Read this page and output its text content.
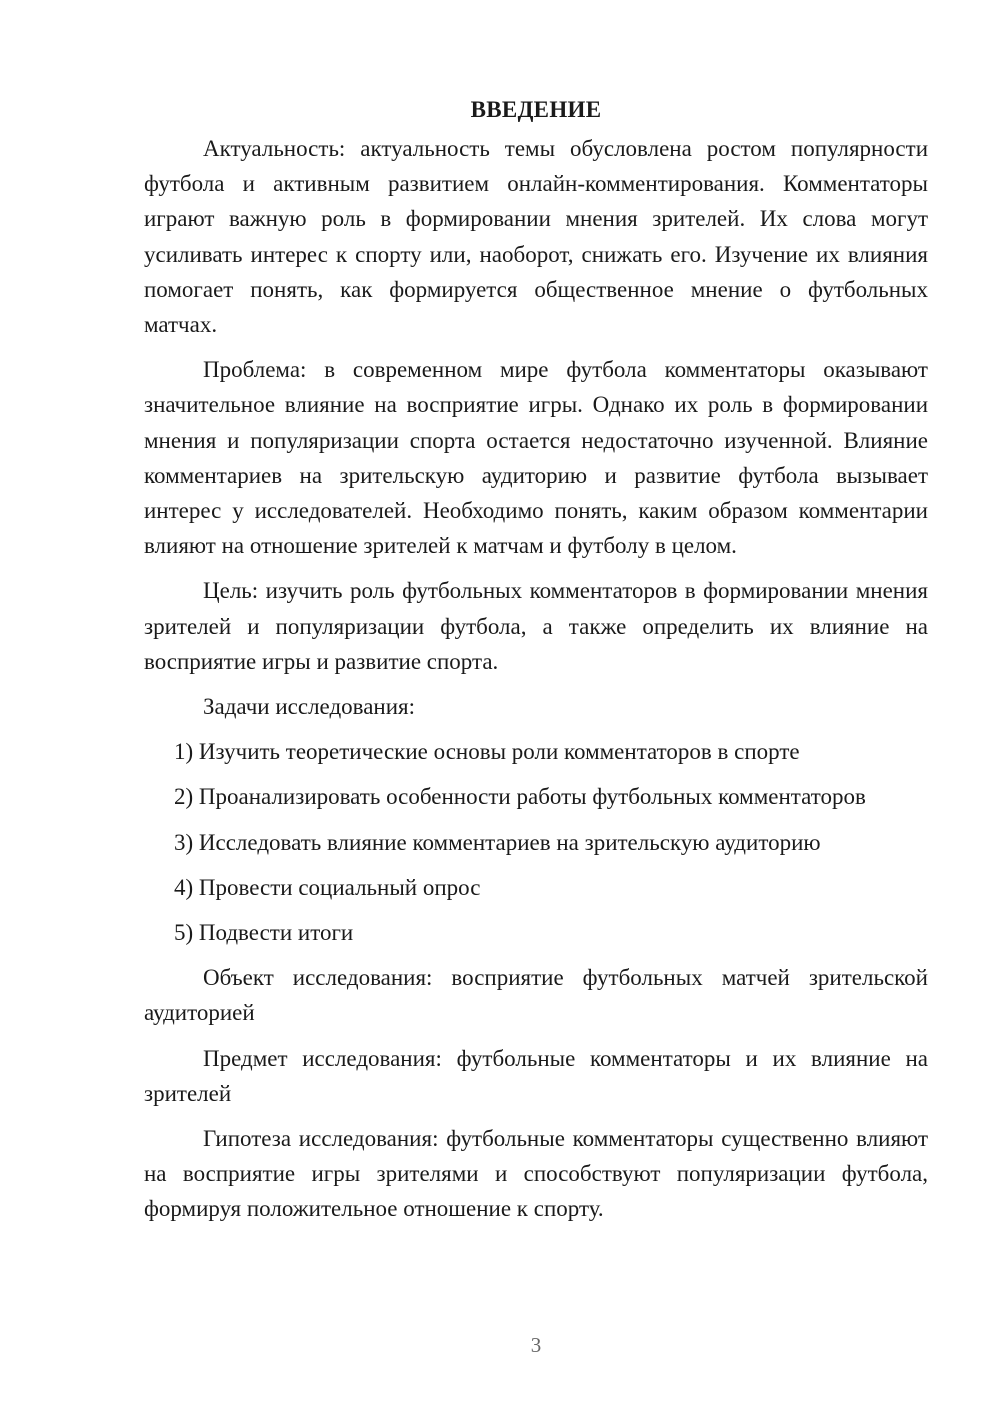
ВВЕДЕНИЕ

Актуальность: актуальность темы обусловлена ростом популярности футбола и активным развитием онлайн-комментирования. Комментаторы играют важную роль в формировании мнения зрителей. Их слова могут усиливать интерес к спорту или, наоборот, снижать его. Изучение их влияния помогает понять, как формируется общественное мнение о футбольных матчах.

Проблема: в современном мире футбола комментаторы оказывают значительное влияние на восприятие игры. Однако их роль в формировании мнения и популяризации спорта остается недостаточно изученной. Влияние комментариев на зрительскую аудиторию и развитие футбола вызывает интерес у исследователей. Необходимо понять, каким образом комментарии влияют на отношение зрителей к матчам и футболу в целом.

Цель: изучить роль футбольных комментаторов в формировании мнения зрителей и популяризации футбола, а также определить их влияние на восприятие игры и развитие спорта.

Задачи исследования:

1) Изучить теоретические основы роли комментаторов в спорте
2) Проанализировать особенности работы футбольных комментаторов
3) Исследовать влияние комментариев на зрительскую аудиторию
4) Провести социальный опрос
5) Подвести итоги

Объект исследования: восприятие футбольных матчей зрительской аудиторией

Предмет исследования: футбольные комментаторы и их влияние на зрителей

Гипотеза исследования: футбольные комментаторы существенно влияют на восприятие игры зрителями и способствуют популяризации футбола, формируя положительное отношение к спорту.

3
